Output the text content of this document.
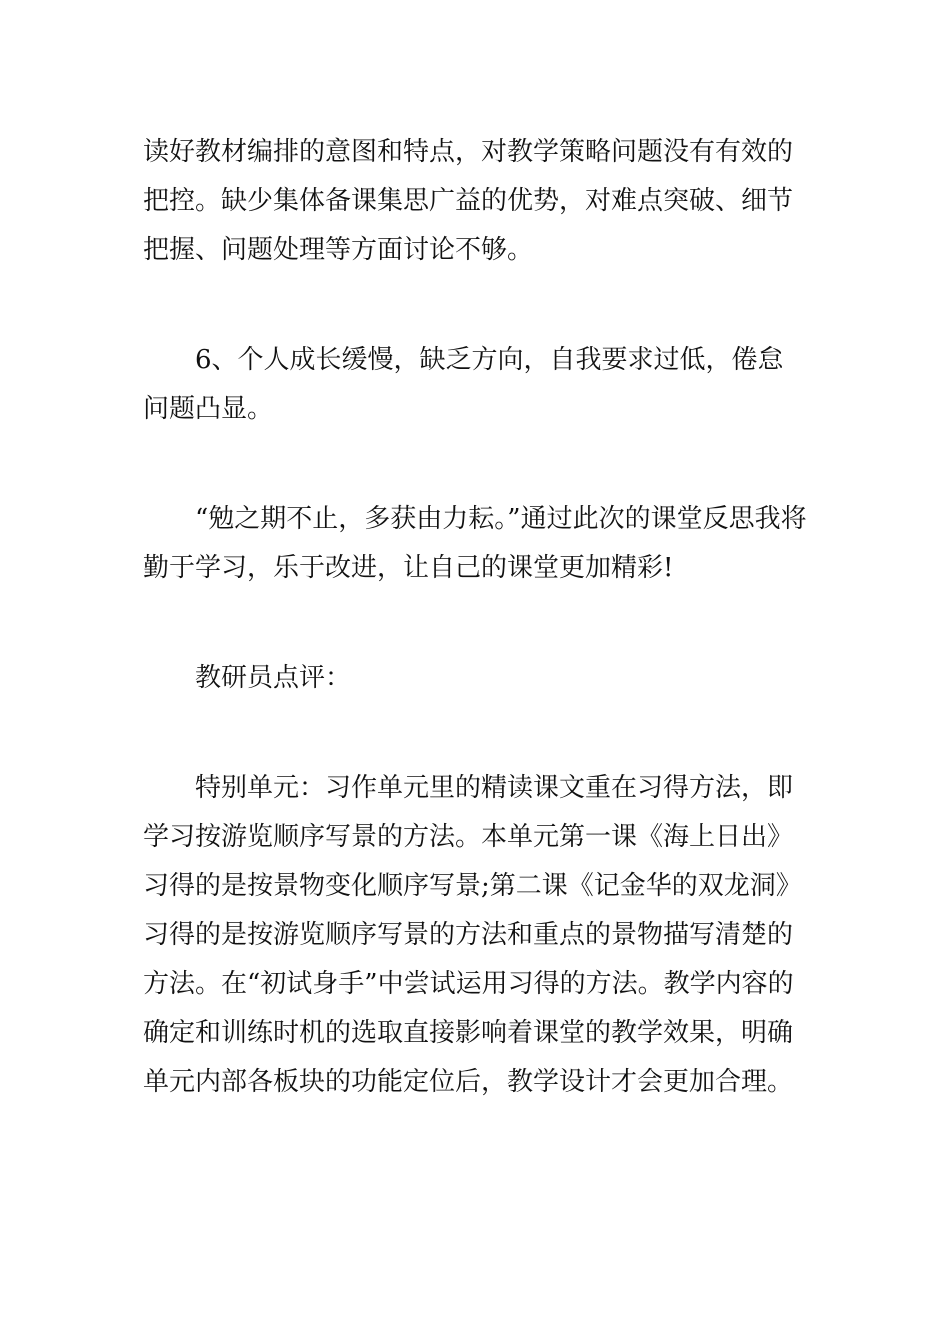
读好教材编排的意图和特点，对教学策略问题没有有效的把控。缺少集体备课集思广益的优势，对难点突破、细节把握、问题处理等方面讨论不够。

　　6、个人成长缓慢，缺乏方向，自我要求过低，倦怠问题凸显。

　　“勉之期不止，多获由力耘。”通过此次的课堂反思我将勤于学习，乐于改进，让自己的课堂更加精彩!

　　教研员点评：

　　特别单元：习作单元里的精读课文重在习得方法，即学习按游览顺序写景的方法。本单元第一课《海上日出》习得的是按景物变化顺序写景;第二课《记金华的双龙洞》习得的是按游览顺序写景的方法和重点的景物描写清楚的方法。在“初试身手”中尝试运用习得的方法。教学内容的确定和训练时机的选取直接影响着课堂的教学效果，明确单元内部各板块的功能定位后，教学设计才会更加合理。
